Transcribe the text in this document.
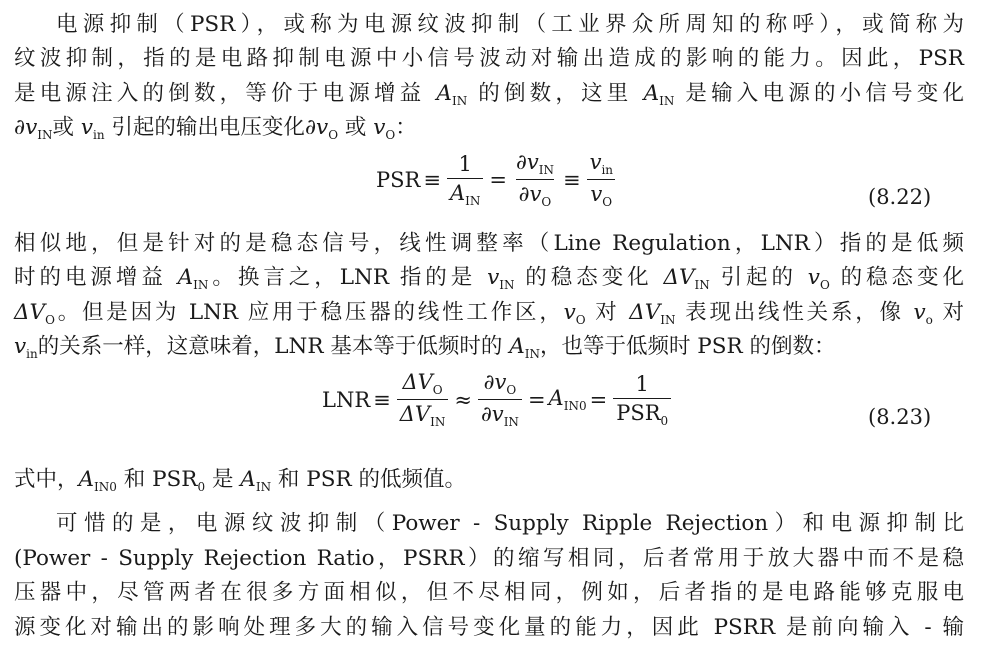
电源抑制（PSR），或称为电源纹波抑制（工业界众所周知的称呼），或简称为
纹波抑制，指的是电路抑制电源中小信号波动对输出造成的影响的能力。因此，PSR
是电源注入的倒数，等价于电源增益 $A_{IN}$ 的倒数，这里 $A_{IN}$ 是输入电源的小信号变化
$\partial v_{IN}$或 $v_{in}$ 引起的输出电压变化$\partial v_O$ 或 $v_O$：
PSR ≡ $\frac{1}{A_{IN}} = \frac{\partial v_{IN}}{\partial v_O} \equiv \frac{v_{in}}{v_O}$	(8.22)
相似地，但是针对的是稳态信号，线性调整率（Line Regulation，LNR）指的是低频
时的电源增益 $A_{IN}$。换言之，LNR 指的是 $v_{IN}$ 的稳态变化 $\Delta V_{IN}$ 引起的 $v_O$ 的稳态变化
$\Delta V_O$。但是因为 LNR 应用于稳压器的线性工作区，$v_O$ 对 $\Delta V_{IN}$ 表现出线性关系，像 $v_o$ 对
$v_{in}$的关系一样，这意味着，LNR 基本等于低频时的 $A_{IN}$，也等于低频时 PSR 的倒数：
LNR ≡ $\frac{\Delta V_O}{\Delta V_{IN}} \approx \frac{\partial v_O}{\partial v_{IN}} = A_{IN0} = \frac{1}{PSR_0}$	(8.23)
式中，$A_{IN0}$ 和 $PSR_0$ 是 $A_{IN}$ 和 PSR 的低频值。
可惜的是，电源纹波抑制（Power - Supply Ripple Rejection）和电源抑制比
(Power - Supply Rejection Ratio，PSRR）的缩写相同，后者常用于放大器中而不是稳
压器中，尽管两者在很多方面相似，但不尽相同，例如，后者指的是电路能够克服电
源变化对输出的影响处理多大的输入信号变化量的能力，因此 PSRR 是前向输入 - 输
